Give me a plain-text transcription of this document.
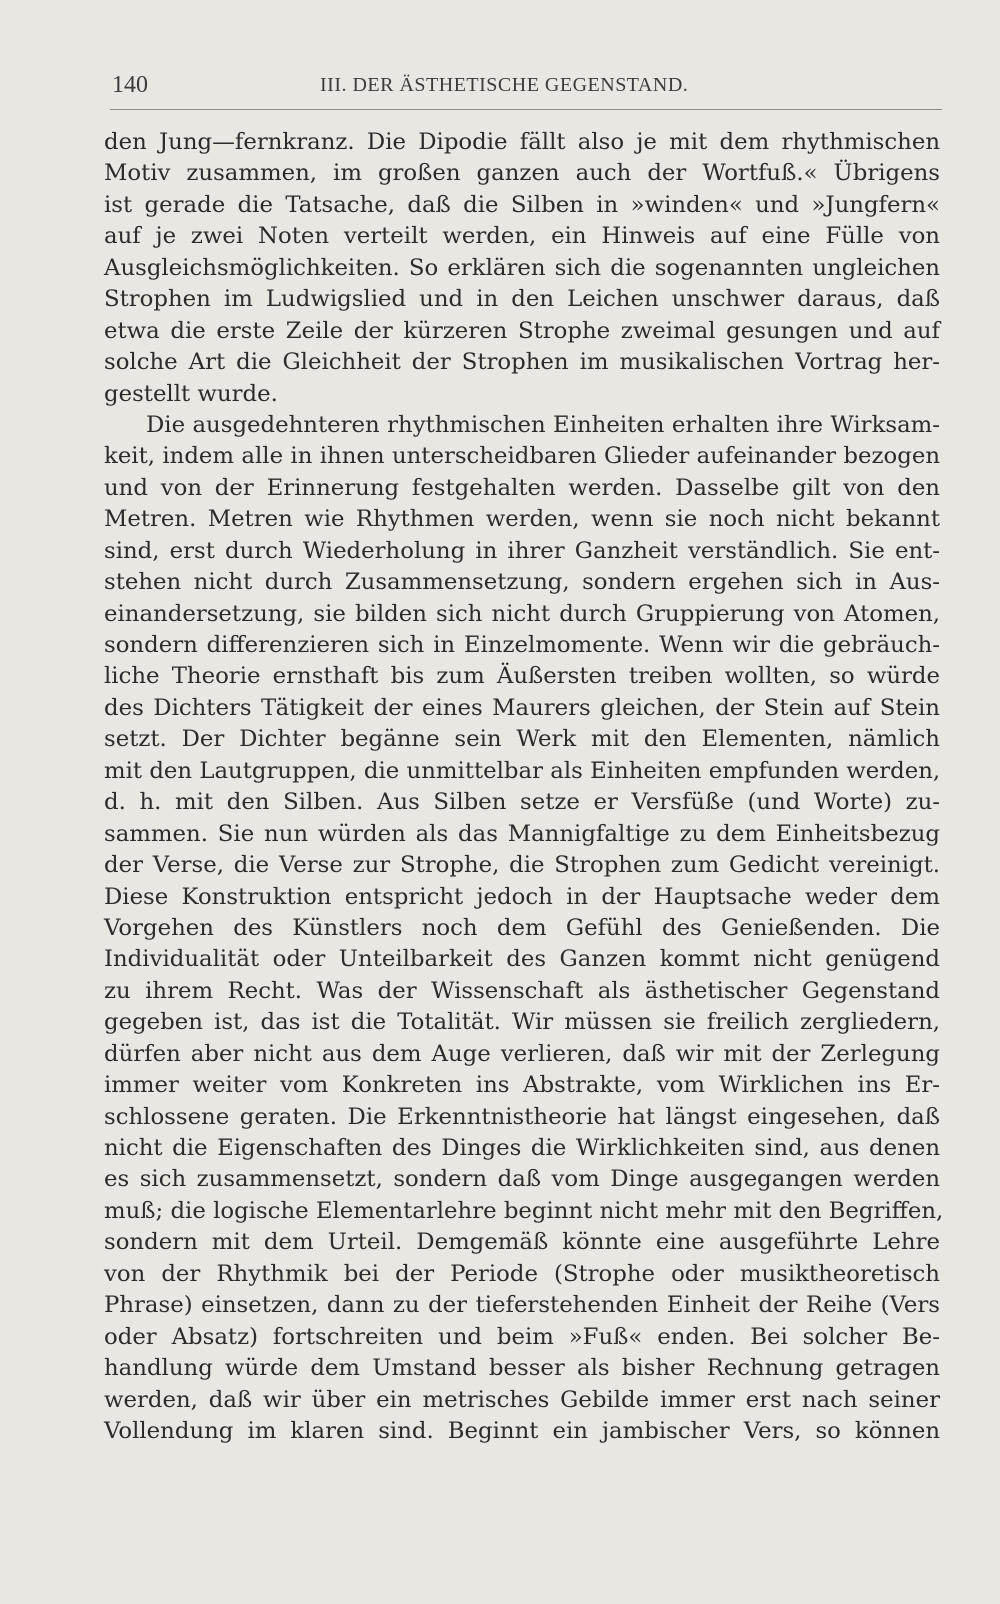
140	III. DER ÄSTHETISCHE GEGENSTAND.
den Jung—fernkranz. Die Dipodie fällt also je mit dem rhythmischen
Motiv zusammen, im großen ganzen auch der Wortfuß.« Übrigens
ist gerade die Tatsache, daß die Silben in »winden« und »Jungfern«
auf je zwei Noten verteilt werden, ein Hinweis auf eine Fülle von
Ausgleichsmöglichkeiten. So erklären sich die sogenannten ungleichen
Strophen im Ludwigslied und in den Leichen unschwer daraus, daß
etwa die erste Zeile der kürzeren Strophe zweimal gesungen und auf
solche Art die Gleichheit der Strophen im musikalischen Vortrag her-
gestellt wurde.
Die ausgedehnteren rhythmischen Einheiten erhalten ihre Wirksam-
keit, indem alle in ihnen unterscheidbaren Glieder aufeinander bezogen
und von der Erinnerung festgehalten werden. Dasselbe gilt von den
Metren. Metren wie Rhythmen werden, wenn sie noch nicht bekannt
sind, erst durch Wiederholung in ihrer Ganzheit verständlich. Sie ent-
stehen nicht durch Zusammensetzung, sondern ergehen sich in Aus-
einandersetzung, sie bilden sich nicht durch Gruppierung von Atomen,
sondern differenzieren sich in Einzelmomente. Wenn wir die gebräuch-
liche Theorie ernsthaft bis zum Äußersten treiben wollten, so würde
des Dichters Tätigkeit der eines Maurers gleichen, der Stein auf Stein
setzt. Der Dichter begänne sein Werk mit den Elementen, nämlich
mit den Lautgruppen, die unmittelbar als Einheiten empfunden werden,
d. h. mit den Silben. Aus Silben setze er Versfüße (und Worte) zu-
sammen. Sie nun würden als das Mannigfaltige zu dem Einheitsbezug
der Verse, die Verse zur Strophe, die Strophen zum Gedicht vereinigt.
Diese Konstruktion entspricht jedoch in der Hauptsache weder dem
Vorgehen des Künstlers noch dem Gefühl des Genießenden. Die
Individualität oder Unteilbarkeit des Ganzen kommt nicht genügend
zu ihrem Recht. Was der Wissenschaft als ästhetischer Gegenstand
gegeben ist, das ist die Totalität. Wir müssen sie freilich zergliedern,
dürfen aber nicht aus dem Auge verlieren, daß wir mit der Zerlegung
immer weiter vom Konkreten ins Abstrakte, vom Wirklichen ins Er-
schlossene geraten. Die Erkenntnistheorie hat längst eingesehen, daß
nicht die Eigenschaften des Dinges die Wirklichkeiten sind, aus denen
es sich zusammensetzt, sondern daß vom Dinge ausgegangen werden
muß; die logische Elementarlehre beginnt nicht mehr mit den Begriffen,
sondern mit dem Urteil. Demgemäß könnte eine ausgeführte Lehre
von der Rhythmik bei der Periode (Strophe oder musiktheoretisch
Phrase) einsetzen, dann zu der tieferstehenden Einheit der Reihe (Vers
oder Absatz) fortschreiten und beim »Fuß« enden. Bei solcher Be-
handlung würde dem Umstand besser als bisher Rechnung getragen
werden, daß wir über ein metrisches Gebilde immer erst nach seiner
Vollendung im klaren sind. Beginnt ein jambischer Vers, so können
